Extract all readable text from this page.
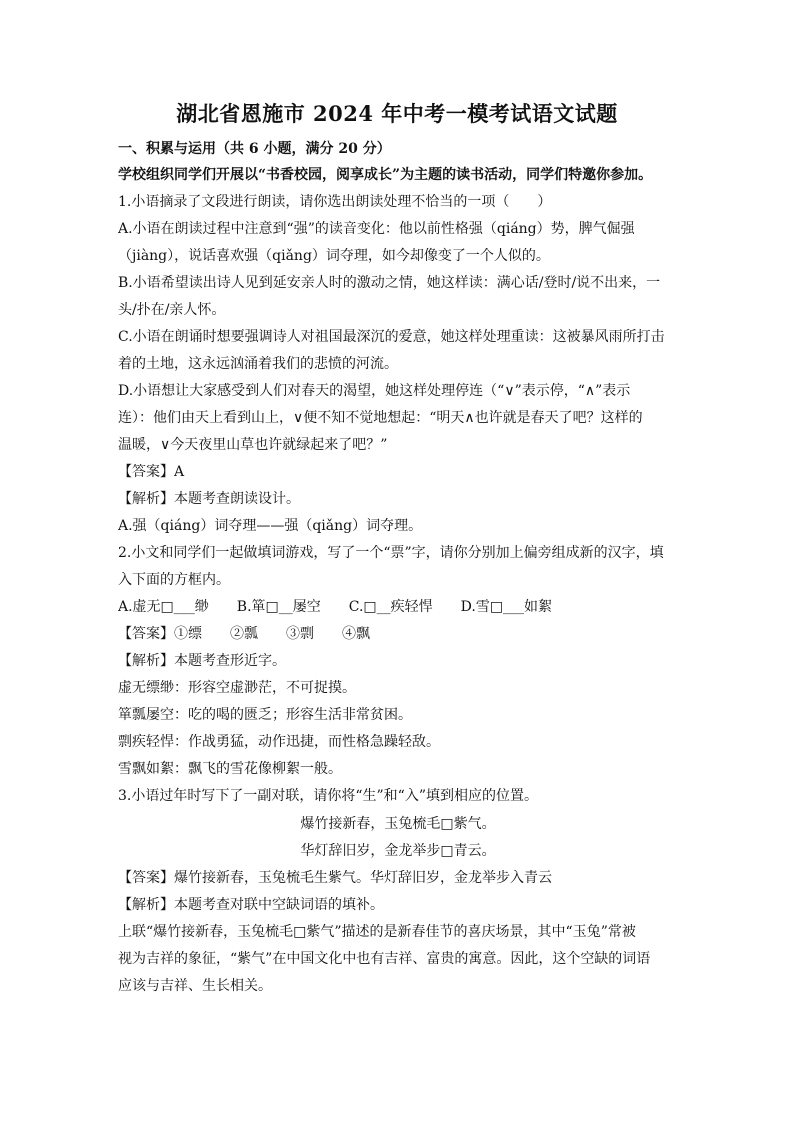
湖北省恩施市 2024 年中考一模考试语文试题
一、积累与运用（共 6 小题，满分 20 分）
学校组织同学们开展以“书香校园，阅享成长”为主题的读书活动，同学们特邀你参加。
1.小语摘录了文段进行朗读，请你选出朗读处理不恰当的一项（　　）
A.小语在朗读过程中注意到“强”的读音变化：他以前性格强（qiáng）势，脾气倔强
（jiàng），说话喜欢强（qiǎng）词夺理，如今却像变了一个人似的。
B.小语希望读出诗人见到延安亲人时的激动之情，她这样读：满心话/登时/说不出来，一
头/扑在/亲人怀。
C.小语在朗诵时想要强调诗人对祖国最深沉的爱意，她这样处理重读：这被暴风雨所打击
着的土地，这永远汹涌着我们的悲愤的河流。
D.小语想让大家感受到人们对春天的渴望，她这样处理停连（“∨”表示停，“∧”表示
连）：他们由天上看到山上，∨便不知不觉地想起：“明天∧也许就是春天了吧？这样的
温暖，∨今天夜里山草也许就绿起来了吧？”
【答案】A
【解析】本题考查朗读设计。
A.强（qiáng）词夺理——强（qiǎng）词夺理。
2.小文和同学们一起做填词游戏，写了一个“票”字，请你分别加上偏旁组成新的汉字，填
入下面的方框内。
A.虚无□___缈　　B.箪□__屡空　　C.□__疾轻悍　　D.雪□___如絮
【答案】①缥　　②瓢　　③剽　　④飘
【解析】本题考查形近字。
虚无缥缈：形容空虚渺茫，不可捉摸。
箪瓢屡空：吃的喝的匮乏；形容生活非常贫困。
剽疾轻悍：作战勇猛，动作迅捷，而性格急躁轻敌。
雪飘如絮：飘飞的雪花像柳絮一般。
3.小语过年时写下了一副对联，请你将“生”和“入”填到相应的位置。
爆竹接新春，玉兔梳毛□紫气。
华灯辞旧岁，金龙举步□青云。
【答案】爆竹接新春，玉兔梳毛生紫气。华灯辞旧岁，金龙举步入青云
【解析】本题考查对联中空缺词语的填补。
上联“爆竹接新春，玉兔梳毛□紫气”描述的是新春佳节的喜庆场景，其中“玉兔”常被
视为吉祥的象征，“紫气”在中国文化中也有吉祥、富贵的寓意。因此，这个空缺的词语
应该与吉祥、生长相关。
